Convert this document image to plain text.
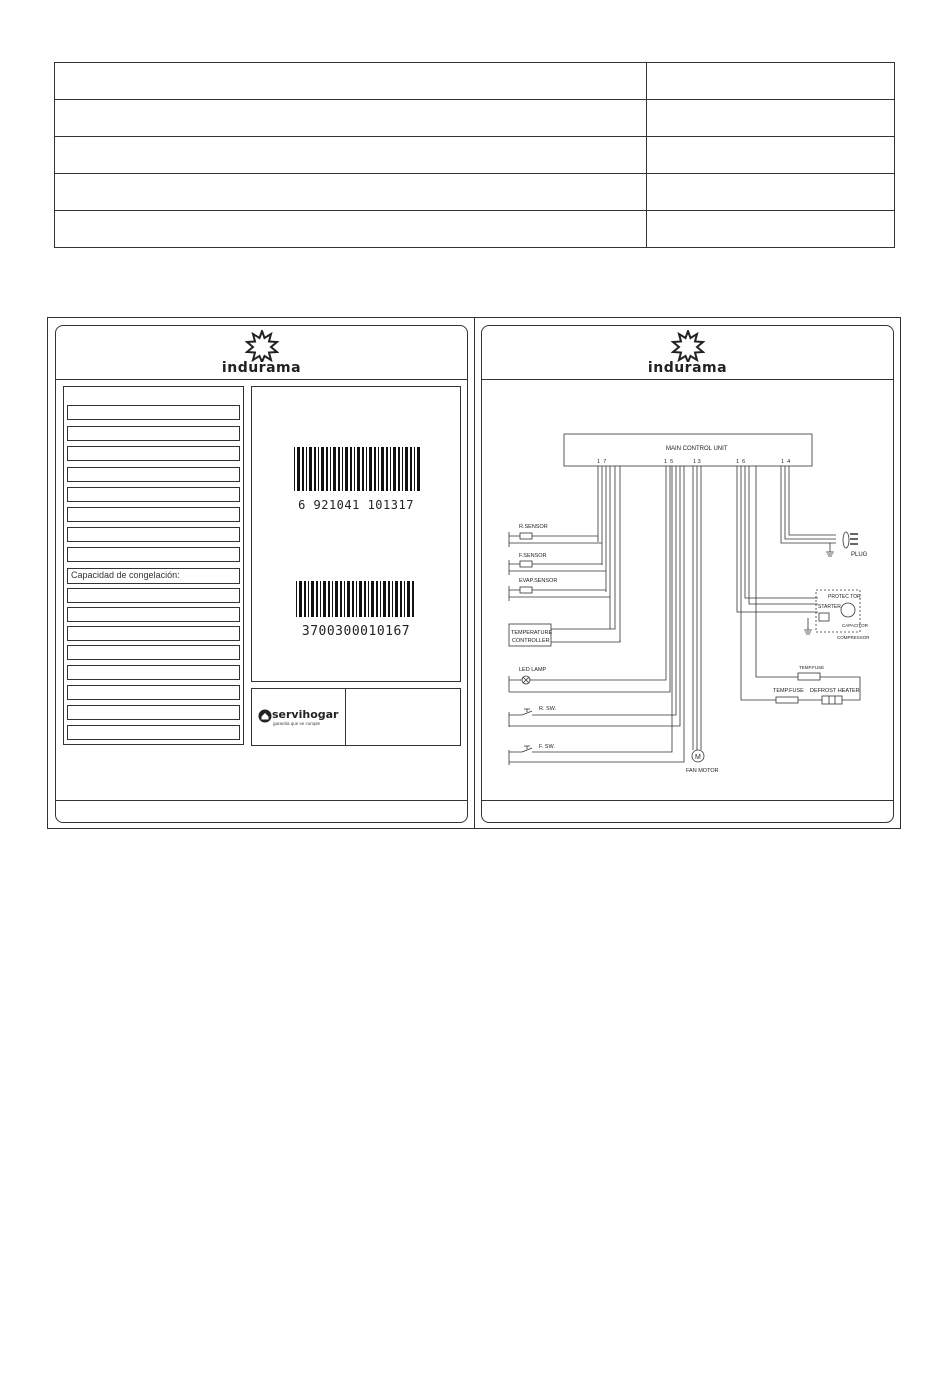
indurama
Capacidad de congelación:

6 921041 101317

3700300010167
servihogar
garantía que se cumple
indurama
MAIN CONTROL UNIT
1  7	1  5	1 3	1  6	1  4
R.SENSOR
F.SENSOR
EVAP.SENSOR
TEMPERATURE
CONTROLLER
LED LAMP
R. SW.
F. SW.
M
FAN MOTOR
PROTEC TOR
STARTER
CAPACITOR
COMPRESSOR
TEMP.FUSE
TEMP.FUSE DEFROST HEATER
PLUG
